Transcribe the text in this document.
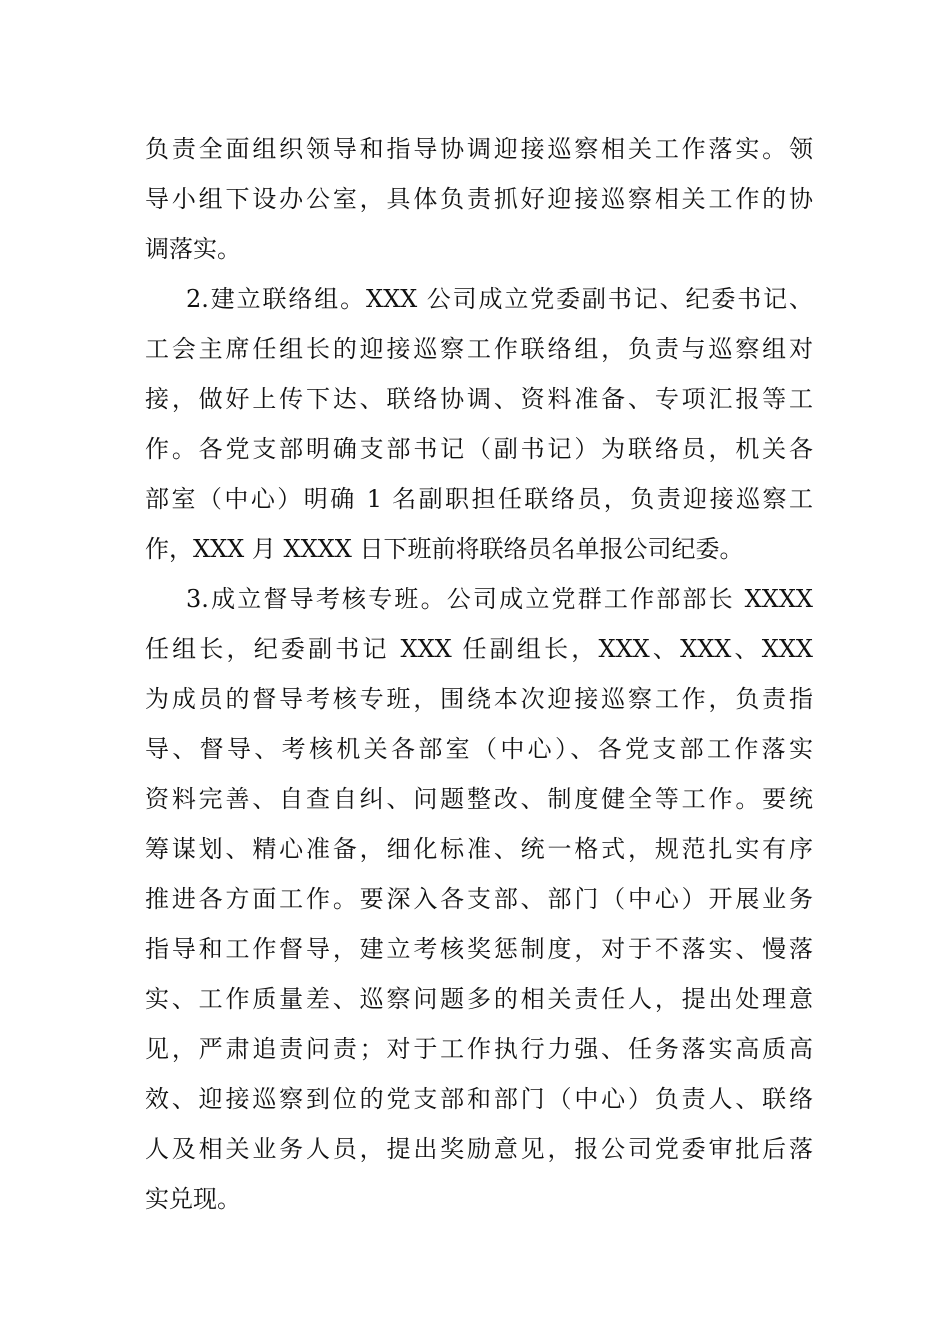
负责全面组织领导和指导协调迎接巡察相关工作落实。领
导小组下设办公室，具体负责抓好迎接巡察相关工作的协
调落实。
2.建立联络组。XXX 公司成立党委副书记、纪委书记、
工会主席任组长的迎接巡察工作联络组，负责与巡察组对
接，做好上传下达、联络协调、资料准备、专项汇报等工
作。各党支部明确支部书记（副书记）为联络员，机关各
部室（中心）明确 1 名副职担任联络员，负责迎接巡察工
作，XXX 月 XXXX 日下班前将联络员名单报公司纪委。
3.成立督导考核专班。公司成立党群工作部部长 XXXX
任组长，纪委副书记 XXX 任副组长，XXX、XXX、XXX
为成员的督导考核专班，围绕本次迎接巡察工作，负责指
导、督导、考核机关各部室（中心）、各党支部工作落实
资料完善、自查自纠、问题整改、制度健全等工作。要统
筹谋划、精心准备，细化标准、统一格式，规范扎实有序
推进各方面工作。要深入各支部、部门（中心）开展业务
指导和工作督导，建立考核奖惩制度，对于不落实、慢落
实、工作质量差、巡察问题多的相关责任人，提出处理意
见，严肃追责问责；对于工作执行力强、任务落实高质高
效、迎接巡察到位的党支部和部门（中心）负责人、联络
人及相关业务人员，提出奖励意见，报公司党委审批后落
实兑现。
